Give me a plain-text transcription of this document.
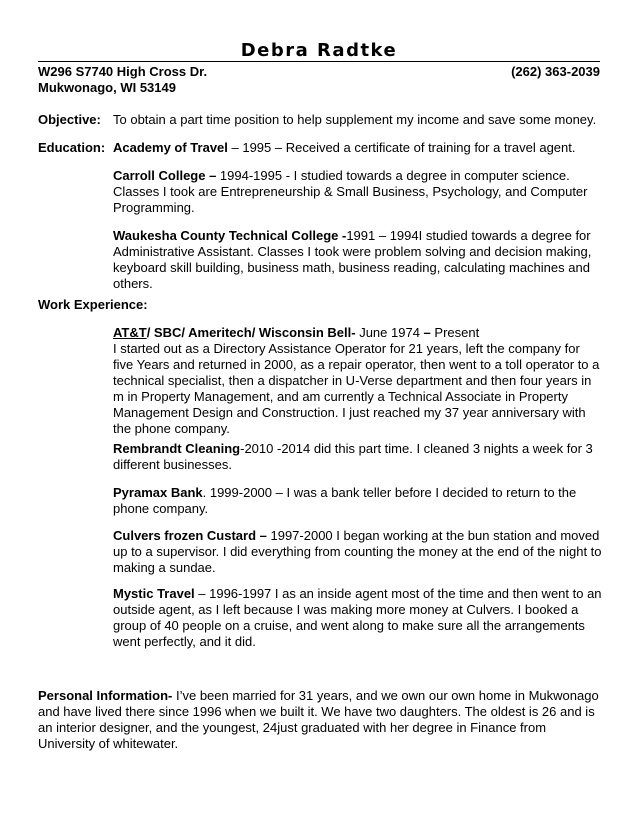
Debra Radtke
W296 S7740 High Cross Dr.	(262) 363-2039
Mukwonago, WI 53149
Objective: To obtain a part time position to help supplement my income and save some money.
Education: Academy of Travel – 1995 – Received a certificate of training for a travel agent.
Carroll College – 1994-1995 - I studied towards a degree in computer science. Classes I took are Entrepreneurship & Small Business, Psychology, and Computer Programming.
Waukesha County Technical College -1991 – 1994I studied towards a degree for Administrative Assistant. Classes I took were problem solving and decision making, keyboard skill building, business math, business reading, calculating machines and others.
Work Experience:
AT&T/ SBC/ Ameritech/ Wisconsin Bell- June 1974 – Present
I started out as a Directory Assistance Operator for 21 years, left the company for five Years and returned in 2000, as a repair operator, then went to a toll operator to a technical specialist, then a dispatcher in U-Verse department and then four years in m in Property Management, and am currently a Technical Associate in Property Management Design and Construction. I just reached my 37 year anniversary with the phone company.
Rembrandt Cleaning-2010 -2014 did this part time. I cleaned 3 nights a week for 3 different businesses.
Pyramax Bank. 1999-2000 – I was a bank teller before I decided to return to the phone company.
Culvers frozen Custard – 1997-2000 I began working at the bun station and moved up to a supervisor. I did everything from counting the money at the end of the night to making a sundae.
Mystic Travel – 1996-1997 I as an inside agent most of the time and then went to an outside agent, as I left because I was making more money at Culvers. I booked a group of 40 people on a cruise, and went along to make sure all the arrangements went perfectly, and it did.
Personal Information- I’ve been married for 31 years, and we own our own home in Mukwonago and have lived there since 1996 when we built it. We have two daughters. The oldest is 26 and is an interior designer, and the youngest, 24just graduated with her degree in Finance from University of whitewater.
